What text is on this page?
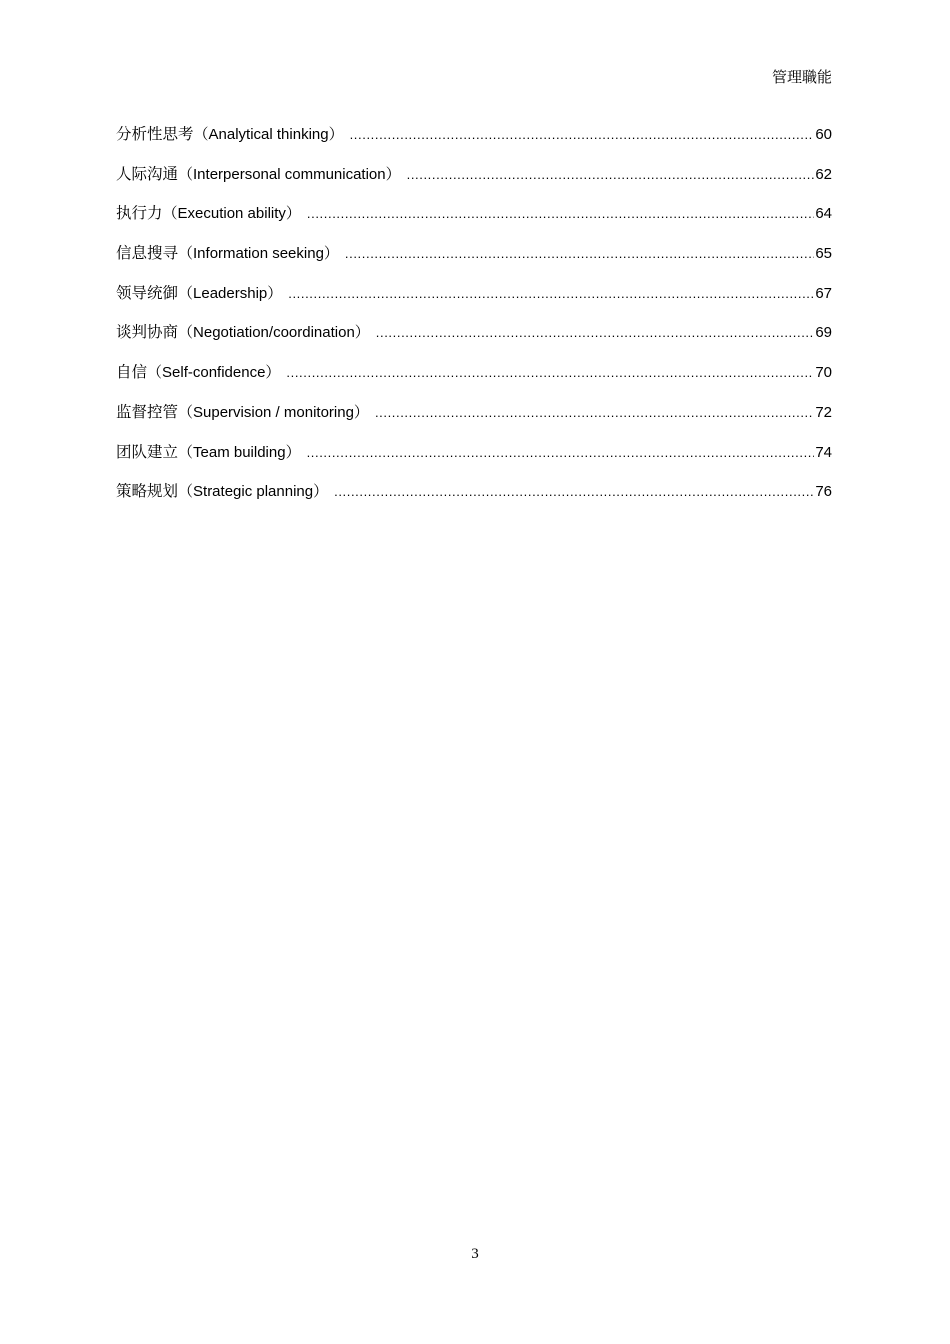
管理職能
分析性思考 （Analytical thinking） .....	60
人际沟通 （Interpersonal communication） .....	62
执行力 （Execution ability） .....	64
信息搜寻 （Information seeking） .....	65
领导统御 （Leadership） .....	67
谈判协商 （Negotiation/coordination） .....	69
自信 （Self-confidence） .....	70
监督控管 （Supervision / monitoring） .....	72
团队建立 （Team building） .....	74
策略规划 （Strategic planning） .....	76
3
